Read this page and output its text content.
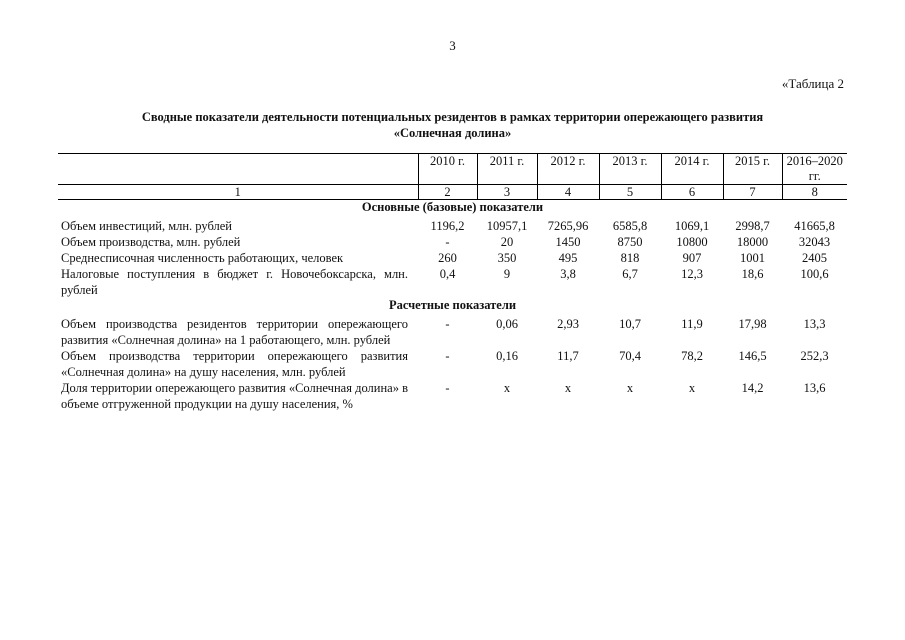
3
«Таблица 2
Сводные показатели деятельности потенциальных резидентов в рамках территории опережающего развития
«Солнечная долина»
	2010 г.	2011 г.	2012 г.	2013 г.	2014 г.	2015 г.	2016–2020 гг.
1	2	3	4	5	6	7	8
Основные (базовые) показатели							
Объем инвестиций, млн. рублей	1196,2	10957,1	7265,96	6585,8	1069,1	2998,7	41665,8
Объем производства, млн. рублей	-	20	1450	8750	10800	18000	32043
Среднесписочная численность работающих, человек	260	350	495	818	907	1001	2405
Налоговые поступления в бюджет г. Новочебоксарска, млн. рублей	0,4	9	3,8	6,7	12,3	18,6	100,6
Расчетные показатели							
Объем производства резидентов территории опережающего развития «Солнечная долина» на 1 работающего, млн. рублей	-	0,06	2,93	10,7	11,9	17,98	13,3
Объем производства территории опережающего развития «Солнечная долина» на душу населения, млн. рублей	-	0,16	11,7	70,4	78,2	146,5	252,3
Доля территории опережающего развития «Солнечная долина» в объеме отгруженной продукции на душу населения, %	-	х	х	х	х	14,2	13,6
